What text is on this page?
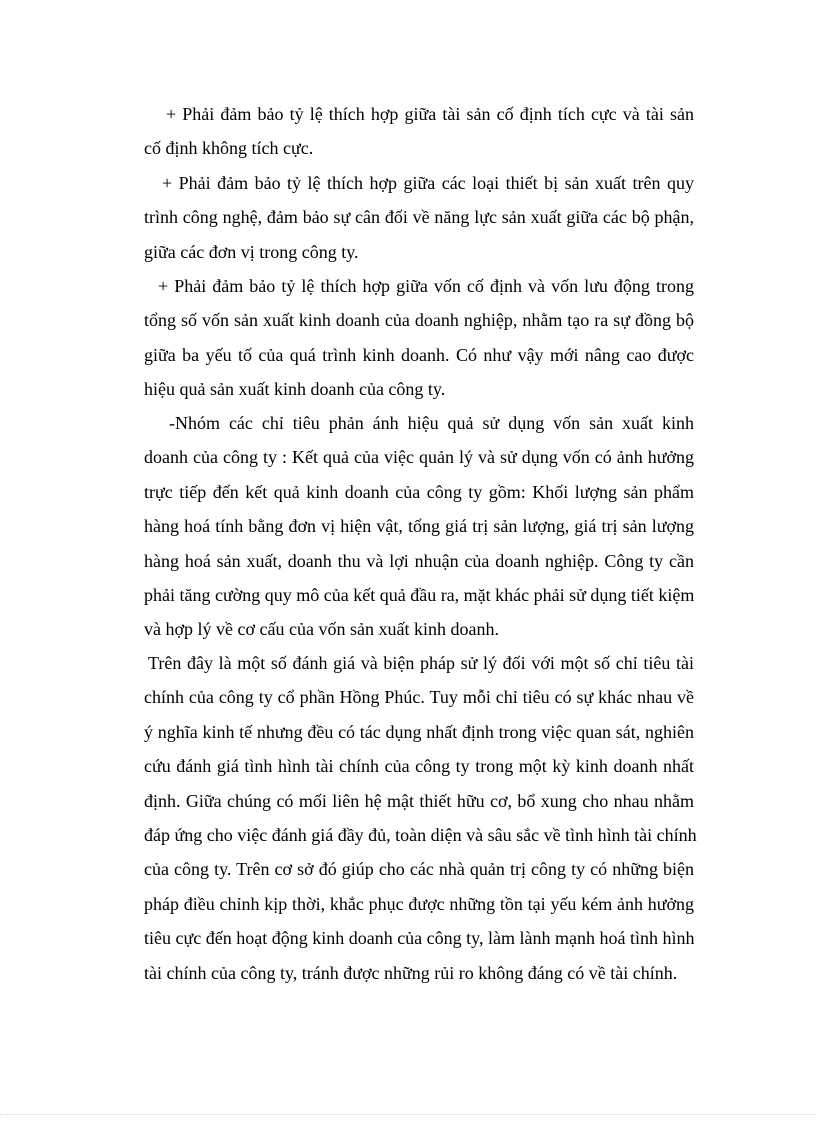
+ Phải đảm bảo tỷ lệ thích hợp giữa tài sản cố định tích cực và tài sản
cố định không tích cực.
+ Phải đảm bảo tỷ lệ thích hợp giữa các loại thiết bị sản xuất trên quy
trình công nghệ, đảm bảo sự cân đối về năng lực sản xuất giữa các bộ phận,
giữa các đơn vị trong công ty.
+ Phải đảm bảo tỷ lệ thích hợp giữa vốn cố định và vốn lưu động trong
tổng số vốn sản xuất kinh doanh của doanh nghiệp, nhằm tạo ra sự đồng bộ
giữa ba yếu tố của quá trình kinh doanh. Có như vậy mới nâng cao được
hiệu quả sản xuất kinh doanh của công ty.
-Nhóm các chỉ tiêu phản ánh hiệu quả sử dụng vốn sản xuất kinh
doanh của công ty : Kết quả của việc quản lý và sử dụng vốn có ảnh hưởng
trực tiếp đến kết quả kinh doanh của công ty gồm: Khối lượng sản phẩm
hàng hoá tính bằng đơn vị hiện vật, tổng giá trị sản lượng, giá trị sản lượng
hàng hoá sản xuất, doanh thu và lợi nhuận của doanh nghiệp. Công ty cần
phải tăng cường quy mô của kết quả đầu ra, mặt khác phải sử dụng tiết kiệm
và hợp lý về cơ cấu của vốn sản xuất kinh doanh.
Trên đây là một số đánh giá và biện pháp sử lý đối với một số chỉ tiêu tài
chính của công ty cổ phần Hồng Phúc. Tuy mỗi chỉ tiêu có sự khác nhau về
ý nghĩa kinh tế nhưng đều có tác dụng nhất định trong việc quan sát, nghiên
cứu đánh giá tình hình tài chính của công ty trong một kỳ kinh doanh nhất
định. Giữa chúng có mối liên hệ mật thiết hữu cơ, bổ xung cho nhau nhằm
đáp ứng cho việc đánh giá đầy đủ, toàn diện và sâu sắc về tình hình tài chính
của công ty. Trên cơ sở đó giúp cho các nhà quản trị công ty có những biện
pháp điều chỉnh kịp thời, khắc phục được những tồn tại yếu kém ảnh hưởng
tiêu cực đến hoạt động kinh doanh của công ty, làm lành mạnh hoá tình hình
tài chính của công ty, tránh được những rủi ro không đáng có về tài chính.
